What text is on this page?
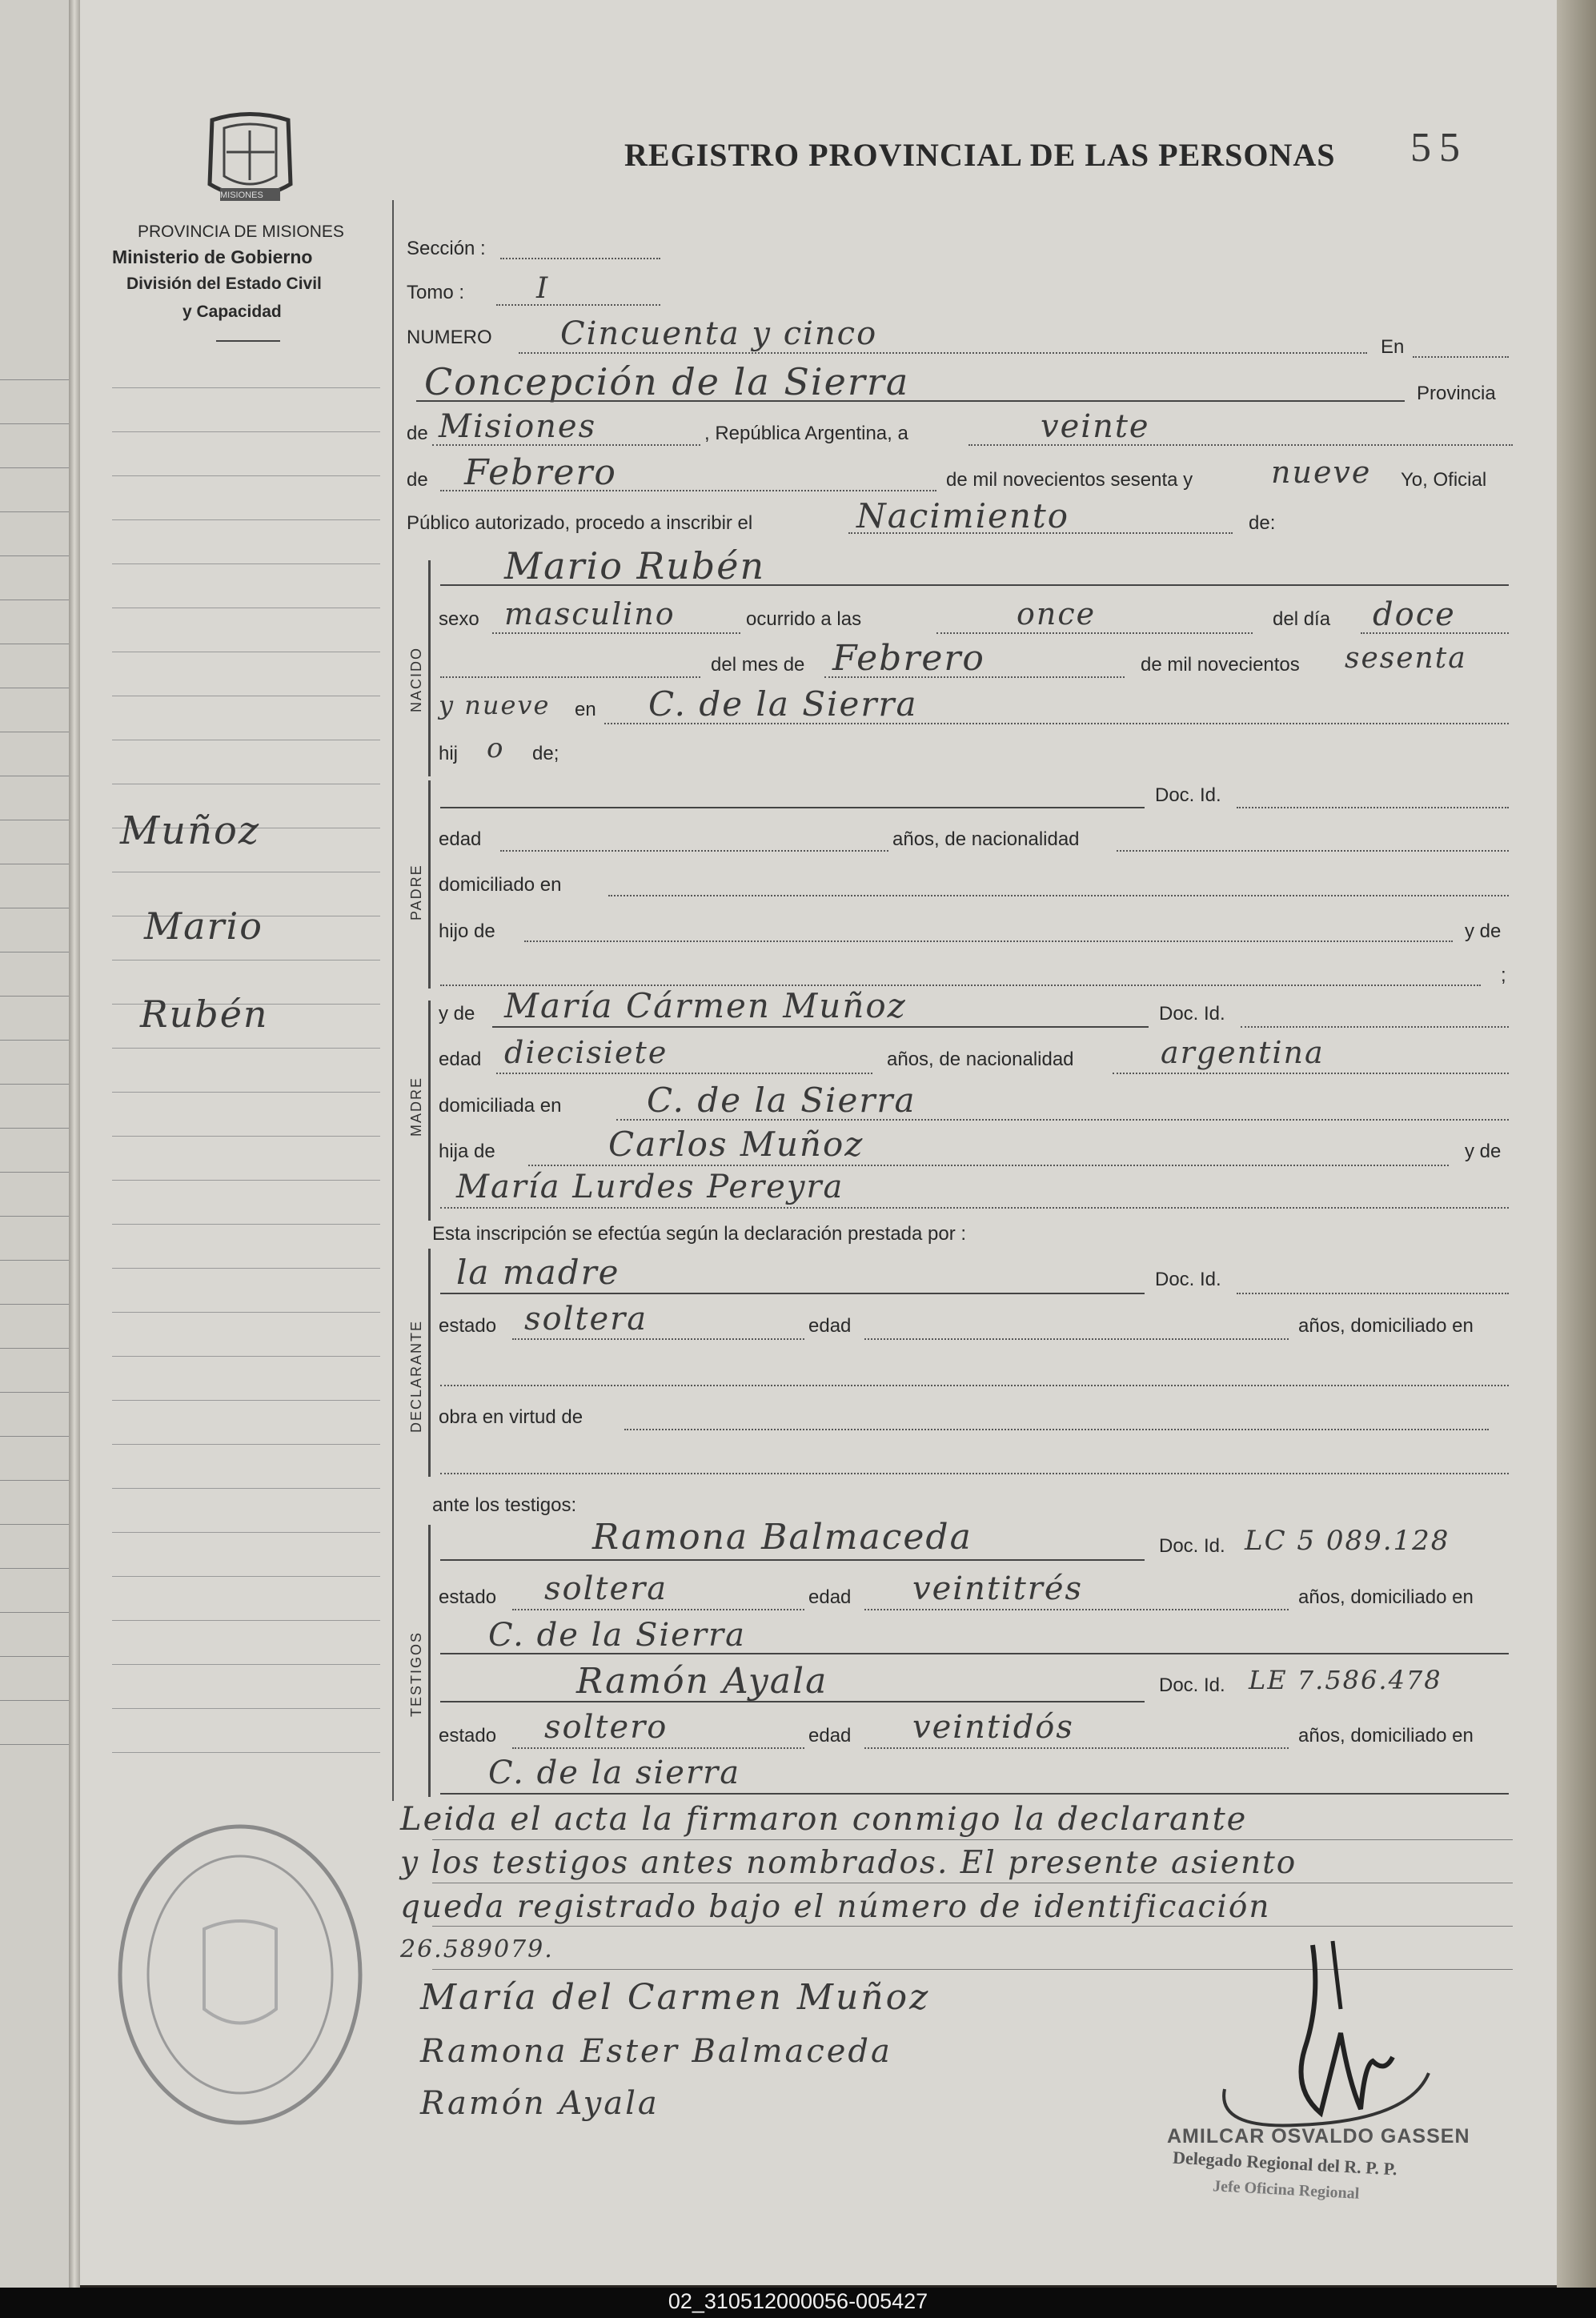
MISIONES
PROVINCIA DE MISIONES
Ministerio de Gobierno
División del Estado Civil
y Capacidad
REGISTRO PROVINCIAL DE LAS PERSONAS 55
Sección :
Tomo : I
NUMERO Cincuenta y cinco	En
Concepción de la Sierra	Provincia
de Misiones	, República Argentina, a	veinte
de Febrero	de mil novecientos sesenta y	nueve Yo, Oficial
Público autorizado, procedo a inscribir el	Nacimiento	de:
NACIDO
Mario Rubén
sexo masculino	ocurrido a las	once	del día doce
del mes de Febrero	de mil novecientos sesenta
y nueve en C. de la Sierra
hij o de;
PADRE
Doc. Id.
edad	años, de nacionalidad
domiciliado en
hijo de	y de
;
MADRE
y de María Cármen Muñoz	Doc. Id.
edad diecisiete	años, de nacionalidad	argentina
domiciliada en	C. de la Sierra
hija de	Carlos Muñoz	y de
María Lurdes Pereyra
Esta inscripción se efectúa según la declaración prestada por :
DECLARANTE
la madre	Doc. Id.
estado soltera	edad	años, domiciliado en
obra en virtud de
ante los testigos:
TESTIGOS
Ramona Balmaceda	Doc. Id. LC 5 089.128
estado soltera	edad veintitrés	años, domiciliado en
C. de la Sierra
Ramón Ayala	Doc. Id. LE 7.586.478
estado soltero	edad veintidós	años, domiciliado en
C. de la sierra
Leida el acta la firmaron conmigo la declarante
y los testigos antes nombrados. El presente asiento
queda registrado bajo el número de identificación
26.589079.
María del Carmen Muñoz
Ramona Ester Balmaceda
Ramón Ayala
AMILCAR OSVALDO GASSEN
Delegado Regional del R. P. P.
Jefe Oficina Regional
Muñoz
Mario
Rubén
02_310512000056-005427
